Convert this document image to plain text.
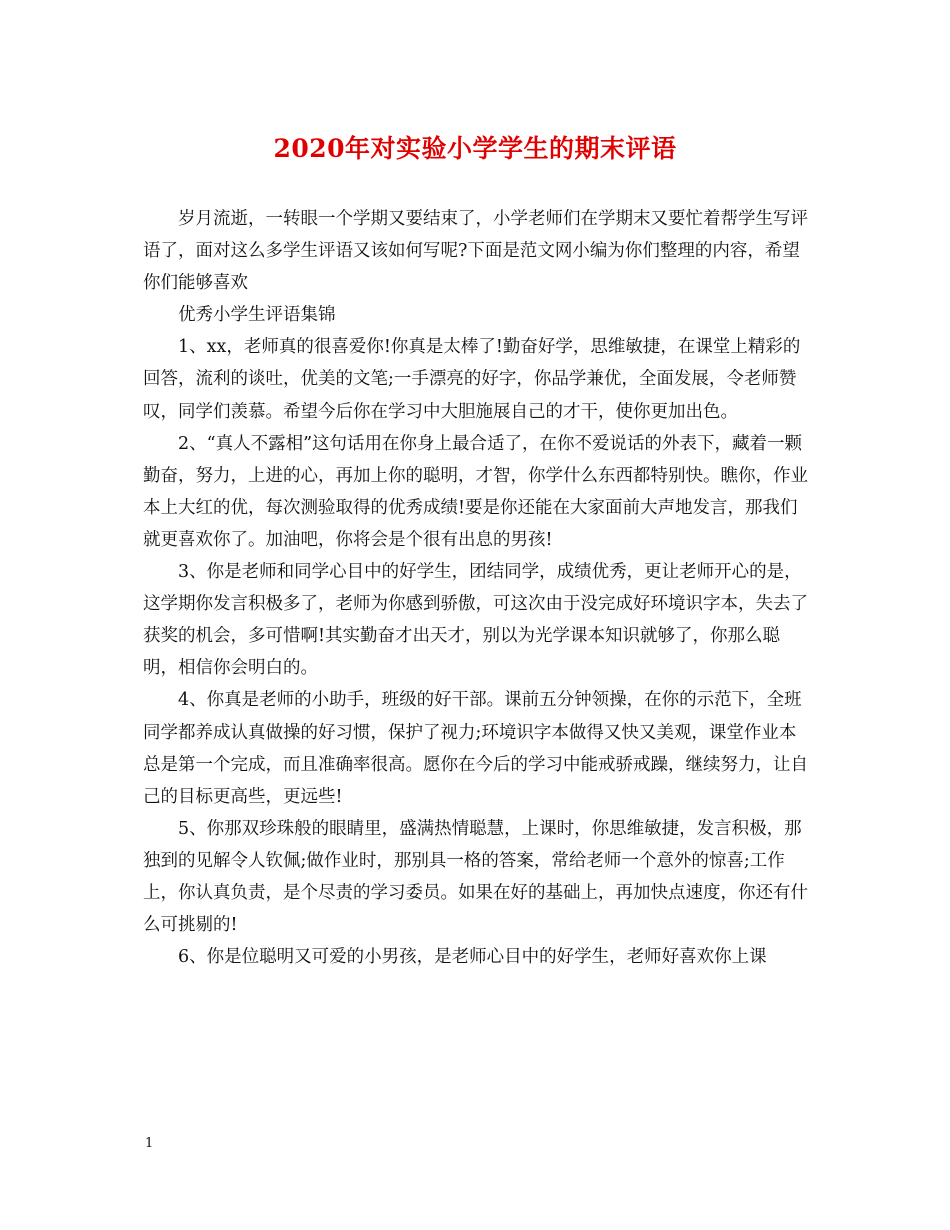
2020年对实验小学学生的期末评语

岁月流逝，一转眼一个学期又要结束了，小学老师们在学期末又要忙着帮学生写评语了，面对这么多学生评语又该如何写呢?下面是范文网小编为你们整理的内容，希望你们能够喜欢

优秀小学生评语集锦

1、xx，老师真的很喜爱你!你真是太棒了!勤奋好学，思维敏捷，在课堂上精彩的回答，流利的谈吐，优美的文笔;一手漂亮的好字，你品学兼优，全面发展，令老师赞叹，同学们羡慕。希望今后你在学习中大胆施展自己的才干，使你更加出色。

2、“真人不露相”这句话用在你身上最合适了，在你不爱说话的外表下，藏着一颗勤奋，努力，上进的心，再加上你的聪明，才智，你学什么东西都特别快。瞧你，作业本上大红的优，每次测验取得的优秀成绩!要是你还能在大家面前大声地发言，那我们就更喜欢你了。加油吧，你将会是个很有出息的男孩!

3、你是老师和同学心目中的好学生，团结同学，成绩优秀，更让老师开心的是，这学期你发言积极多了，老师为你感到骄傲，可这次由于没完成好环境识字本，失去了获奖的机会，多可惜啊!其实勤奋才出天才，别以为光学课本知识就够了，你那么聪明，相信你会明白的。

4、你真是老师的小助手，班级的好干部。课前五分钟领操，在你的示范下，全班同学都养成认真做操的好习惯，保护了视力;环境识字本做得又快又美观，课堂作业本总是第一个完成，而且准确率很高。愿你在今后的学习中能戒骄戒躁，继续努力，让自己的目标更高些，更远些!

5、你那双珍珠般的眼睛里，盛满热情聪慧，上课时，你思维敏捷，发言积极，那独到的见解令人钦佩;做作业时，那别具一格的答案，常给老师一个意外的惊喜;工作上，你认真负责，是个尽责的学习委员。如果在好的基础上，再加快点速度，你还有什么可挑剔的!

6、你是位聪明又可爱的小男孩，是老师心目中的好学生，老师好喜欢你上课

1
